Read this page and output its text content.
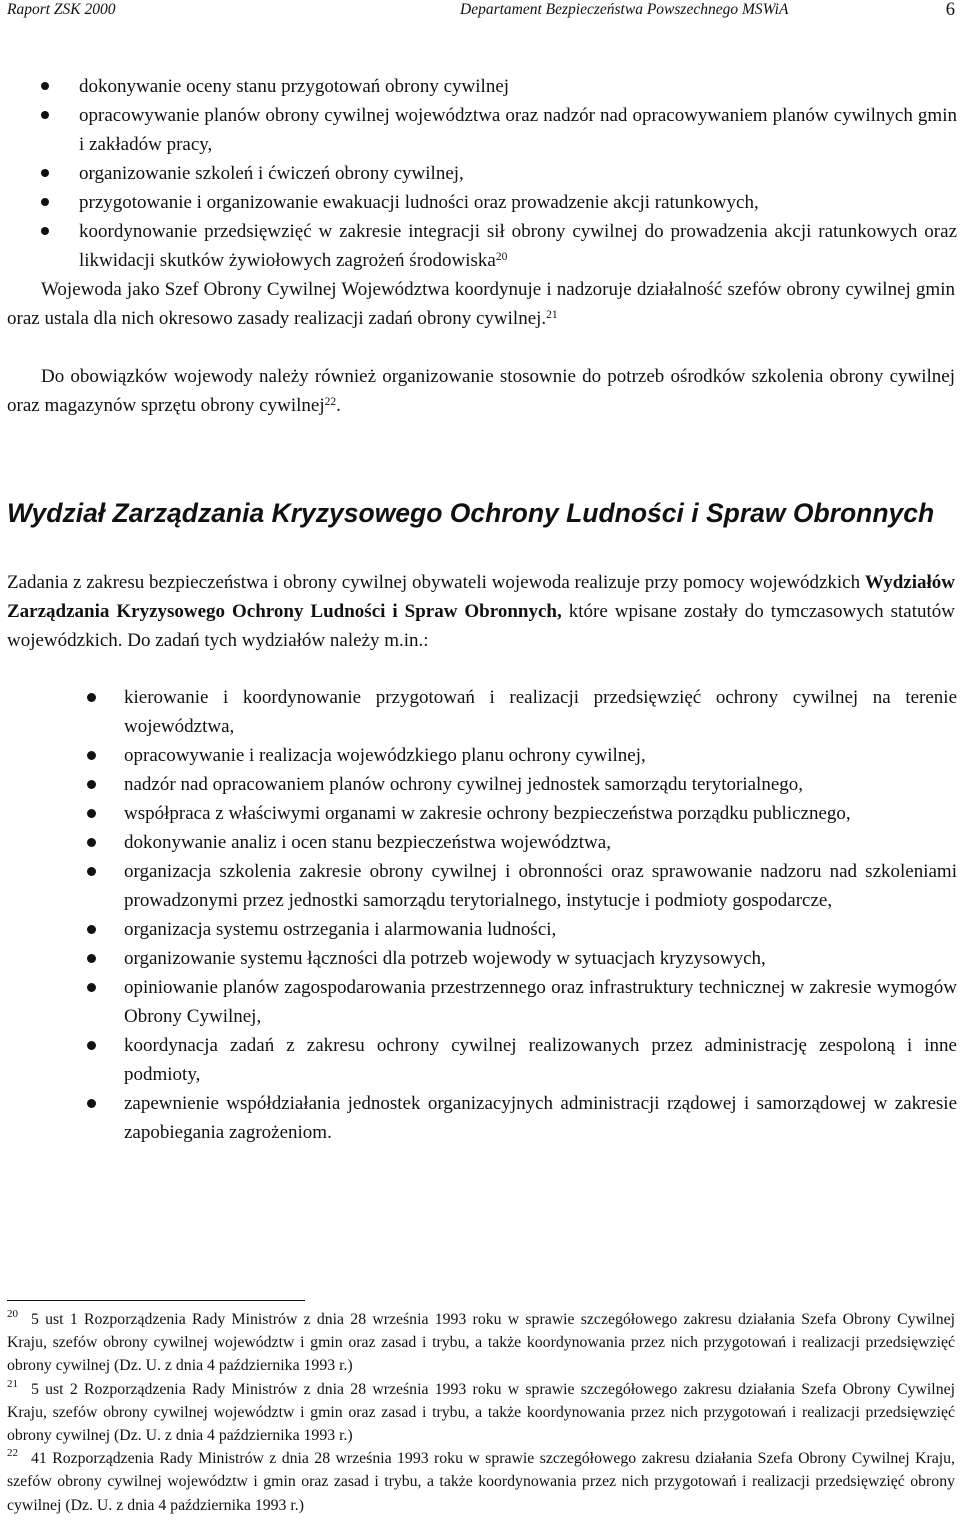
Raport ZSK 2000	Departament Bezpieczeństwa Powszechnego MSWiA	6
dokonywanie oceny stanu przygotowań obrony cywilnej
opracowywanie planów obrony cywilnej województwa oraz nadzór nad opracowywaniem planów cywilnych gmin i zakładów pracy,
organizowanie szkoleń i ćwiczeń obrony cywilnej,
przygotowanie i organizowanie ewakuacji ludności oraz prowadzenie akcji ratunkowych,
koordynowanie przedsięwzięć w zakresie integracji sił obrony cywilnej do prowadzenia akcji ratunkowych oraz likwidacji skutków żywiołowych zagrożeń środowiska$^{20}$

Wojewoda jako Szef Obrony Cywilnej Województwa koordynuje i nadzoruje działalność szefów obrony cywilnej gmin oraz ustala dla nich okresowo zasady realizacji zadań obrony cywilnej.$^{21}$

Do obowiązków wojewody należy również organizowanie stosownie do potrzeb ośrodków szkolenia obrony cywilnej oraz magazynów sprzętu obrony cywilnej$^{22}$.

Wydział Zarządzania Kryzysowego Ochrony Ludności i Spraw Obronnych

Zadania z zakresu bezpieczeństwa i obrony cywilnej obywateli wojewoda realizuje przy pomocy wojewódzkich Wydziałów Zarządzania Kryzysowego Ochrony Ludności i Spraw Obronnych, które wpisane zostały do tymczasowych statutów wojewódzkich. Do zadań tych wydziałów należy m.in.:

kierowanie i koordynowanie przygotowań i realizacji przedsięwzięć ochrony cywilnej na terenie województwa,
opracowywanie i realizacja wojewódzkiego planu ochrony cywilnej,
nadzór nad opracowaniem planów ochrony cywilnej jednostek samorządu terytorialnego,
współpraca z właściwymi organami w zakresie ochrony bezpieczeństwa porządku publicznego,
dokonywanie analiz i ocen stanu bezpieczeństwa województwa,
organizacja szkolenia zakresie obrony cywilnej i obronności oraz sprawowanie nadzoru nad szkoleniami prowadzonymi przez jednostki samorządu terytorialnego, instytucje i podmioty gospodarcze,
organizacja systemu ostrzegania i alarmowania ludności,
organizowanie systemu łączności dla potrzeb wojewody w sytuacjach kryzysowych,
opiniowanie planów zagospodarowania przestrzennego oraz infrastruktury technicznej w zakresie wymogów Obrony Cywilnej,
koordynacja zadań z zakresu ochrony cywilnej realizowanych przez administrację zespoloną i inne podmioty,
zapewnienie współdziałania jednostek organizacyjnych administracji rządowej i samorządowej w zakresie zapobiegania zagrożeniom.

$^{20}$ 5 ust 1 Rozporządzenia Rady Ministrów z dnia 28 września 1993 roku w sprawie szczegółowego zakresu działania Szefa Obrony Cywilnej Kraju, szefów obrony cywilnej województw i gmin oraz zasad i trybu, a także koordynowania przez nich przygotowań i realizacji przedsięwzięć obrony cywilnej (Dz. U. z dnia 4 października 1993 r.)

$^{21}$ 5 ust 2 Rozporządzenia Rady Ministrów z dnia 28 września 1993 roku w sprawie szczegółowego zakresu działania Szefa Obrony Cywilnej Kraju, szefów obrony cywilnej województw i gmin oraz zasad i trybu, a także koordynowania przez nich przygotowań i realizacji przedsięwzięć obrony cywilnej (Dz. U. z dnia 4 października 1993 r.)

$^{22}$ 41 Rozporządzenia Rady Ministrów z dnia 28 września 1993 roku w sprawie szczegółowego zakresu działania Szefa Obrony Cywilnej Kraju, szefów obrony cywilnej województw i gmin oraz zasad i trybu, a także koordynowania przez nich przygotowań i realizacji przedsięwzięć obrony cywilnej (Dz. U. z dnia 4 października 1993 r.)
